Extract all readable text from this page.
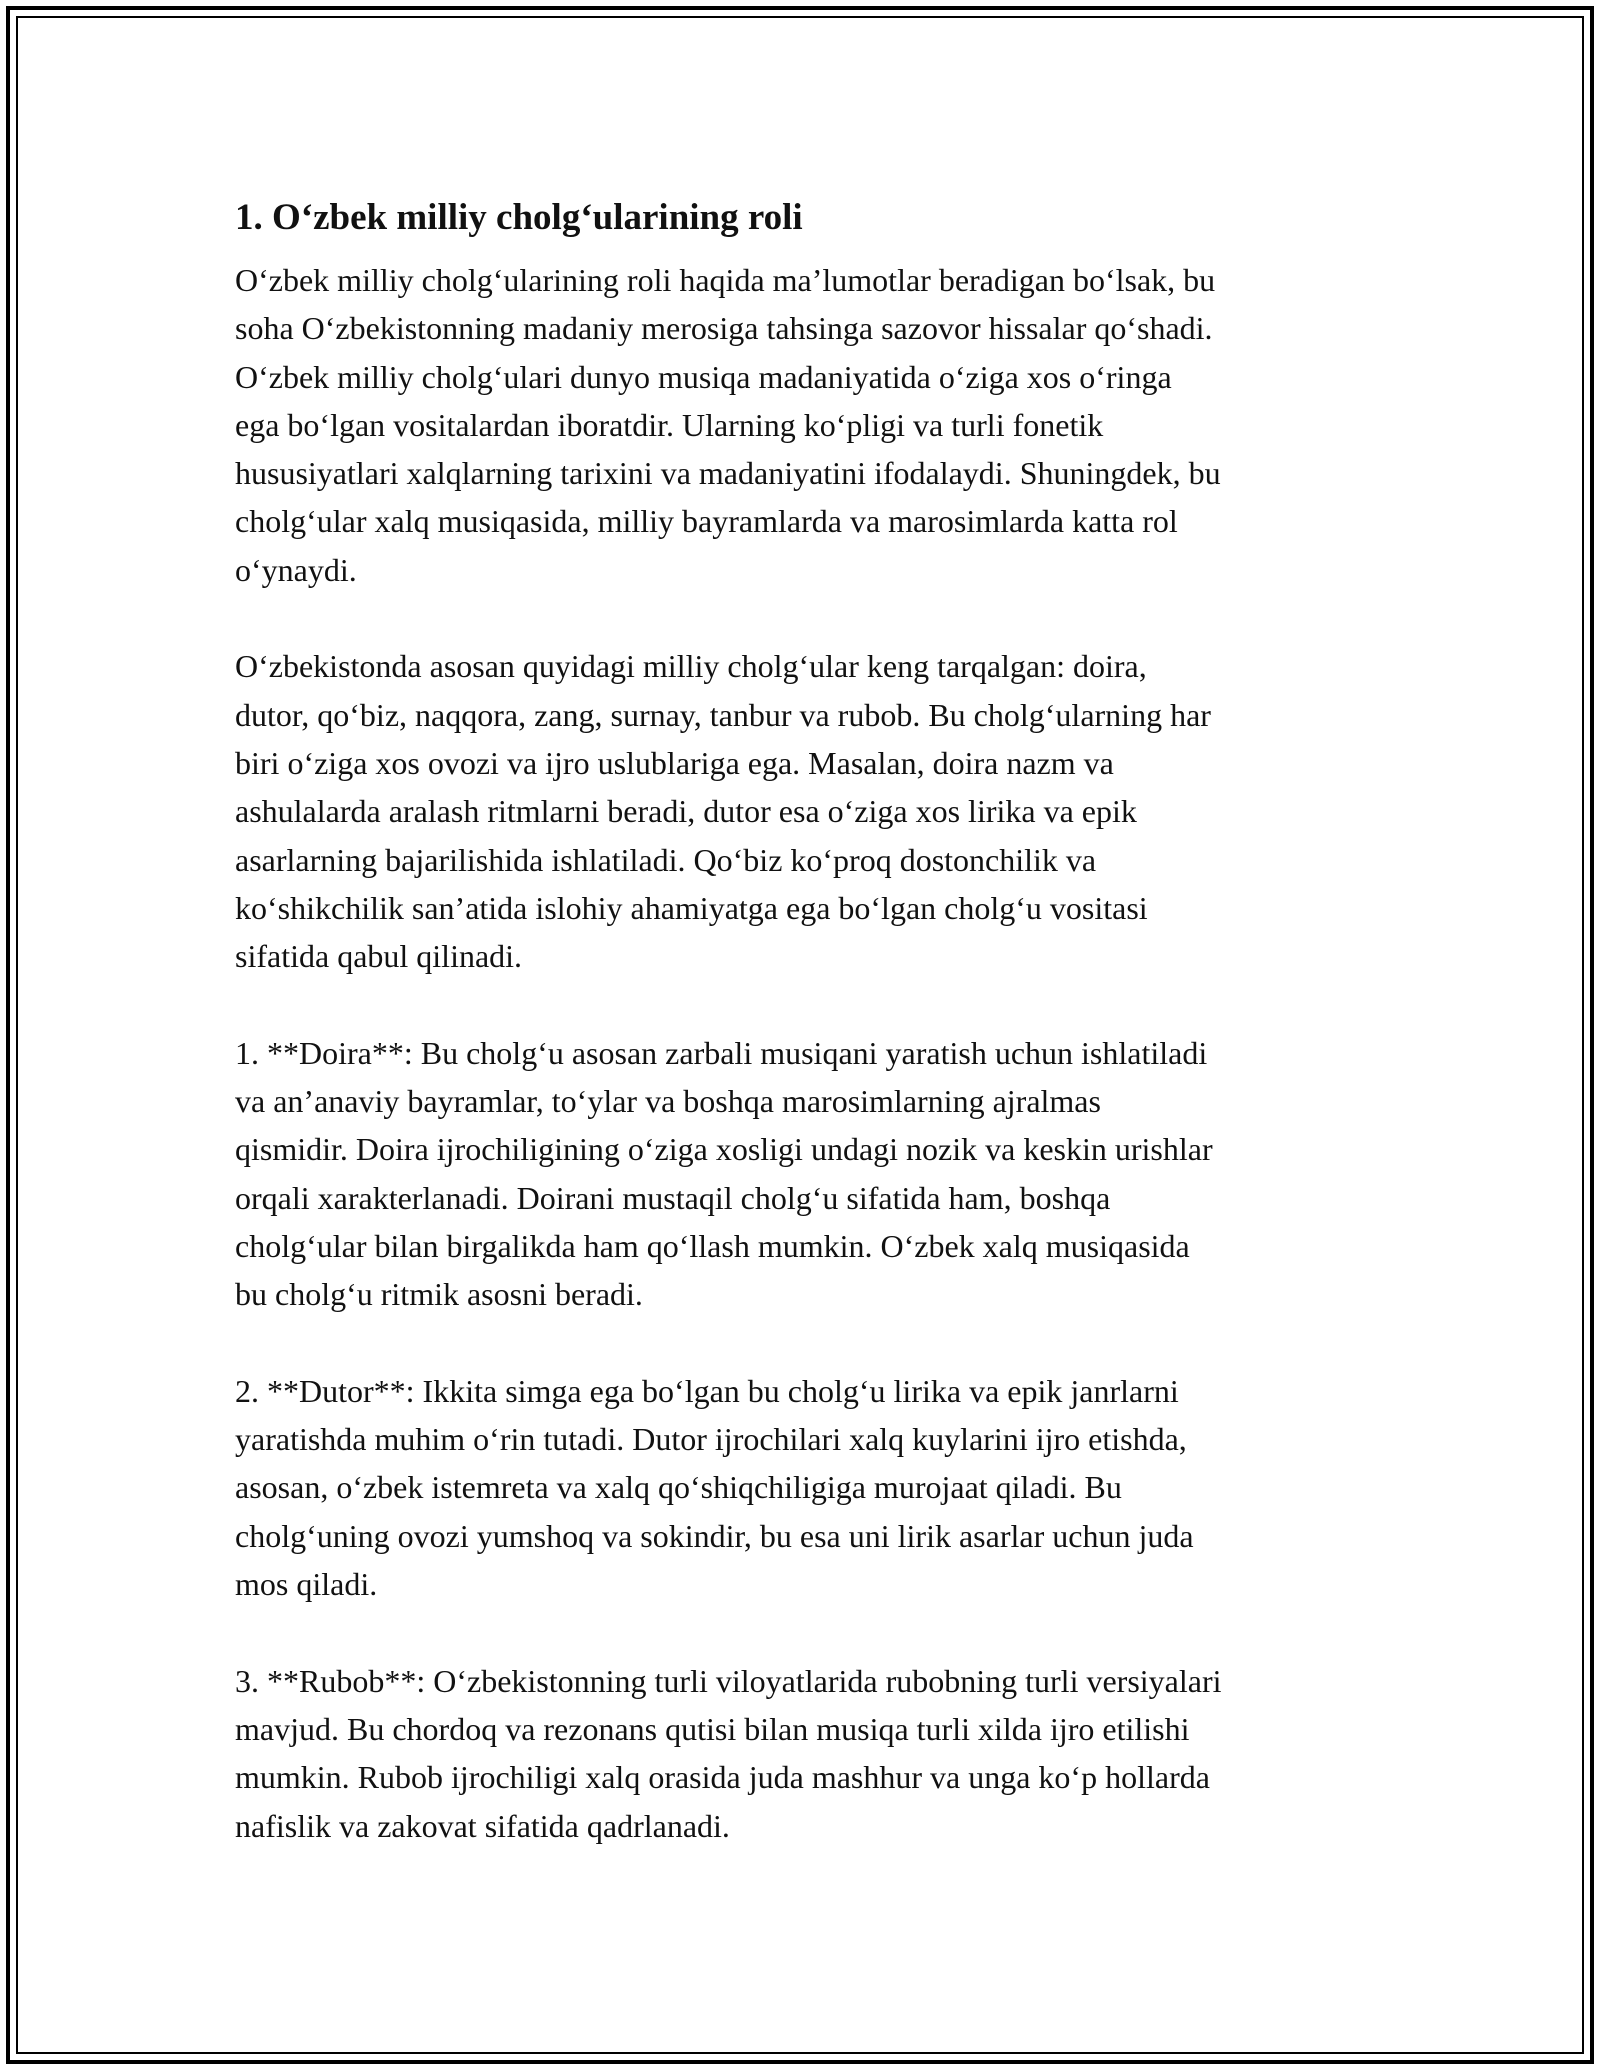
1. O‘zbek milliy cholg‘ularining roli

O‘zbek milliy cholg‘ularining roli haqida ma’lumotlar beradigan bo‘lsak, bu
soha O‘zbekistonning madaniy merosiga tahsinga sazovor hissalar qo‘shadi.
O‘zbek milliy cholg‘ulari dunyo musiqa madaniyatida o‘ziga xos o‘ringa
ega bo‘lgan vositalardan iboratdir. Ularning ko‘pligi va turli fonetik
hususiyatlari xalqlarning tarixini va madaniyatini ifodalaydi. Shuningdek, bu
cholg‘ular xalq musiqasida, milliy bayramlarda va marosimlarda katta rol
o‘ynaydi.

O‘zbekistonda asosan quyidagi milliy cholg‘ular keng tarqalgan: doira,
dutor, qo‘biz, naqqora, zang, surnay, tanbur va rubob. Bu cholg‘ularning har
biri o‘ziga xos ovozi va ijro uslublariga ega. Masalan, doira nazm va
ashulalarda aralash ritmlarni beradi, dutor esa o‘ziga xos lirika va epik
asarlarning bajarilishida ishlatiladi. Qo‘biz ko‘proq dostonchilik va
ko‘shikchilik san’atida islohiy ahamiyatga ega bo‘lgan cholg‘u vositasi
sifatida qabul qilinadi.

1. **Doira**: Bu cholg‘u asosan zarbali musiqani yaratish uchun ishlatiladi
va an’anaviy bayramlar, to‘ylar va boshqa marosimlarning ajralmas
qismidir. Doira ijrochiligining o‘ziga xosligi undagi nozik va keskin urishlar
orqali xarakterlanadi. Doirani mustaqil cholg‘u sifatida ham, boshqa
cholg‘ular bilan birgalikda ham qo‘llash mumkin. O‘zbek xalq musiqasida
bu cholg‘u ritmik asosni beradi.

2. **Dutor**: Ikkita simga ega bo‘lgan bu cholg‘u lirika va epik janrlarni
yaratishda muhim o‘rin tutadi. Dutor ijrochilari xalq kuylarini ijro etishda,
asosan, o‘zbek istemreta va xalq qo‘shiqchiligiga murojaat qiladi. Bu
cholg‘uning ovozi yumshoq va sokindir, bu esa uni lirik asarlar uchun juda
mos qiladi.

3. **Rubob**: O‘zbekistonning turli viloyatlarida rubobning turli versiyalari
mavjud. Bu chordoq va rezonans qutisi bilan musiqa turli xilda ijro etilishi
mumkin. Rubob ijrochiligi xalq orasida juda mashhur va unga ko‘p hollarda
nafislik va zakovat sifatida qadrlanadi.
